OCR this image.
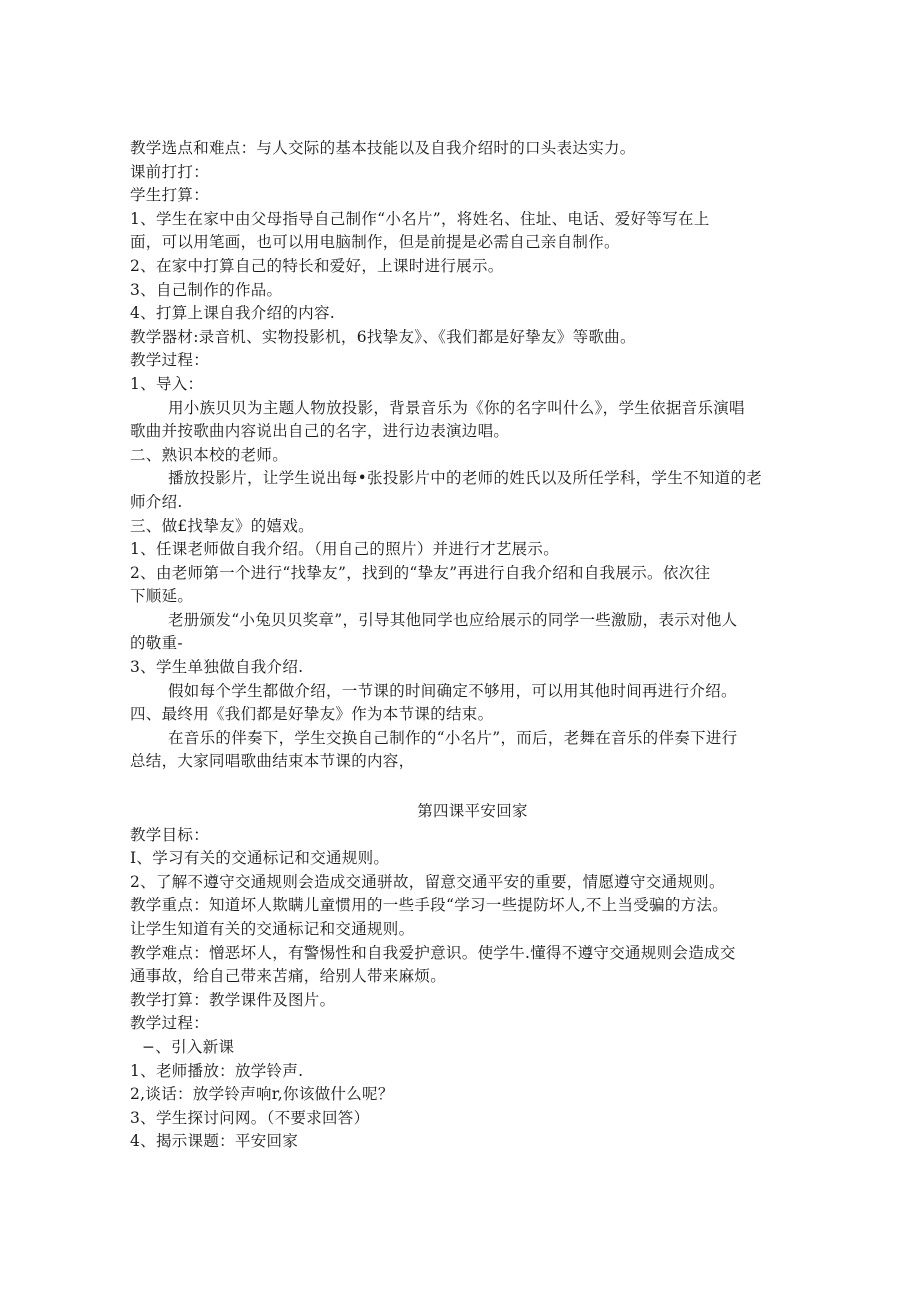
教学选点和难点：与人交际的基本技能以及自我介绍时的口头表达实力。
课前打打：
学生打算：
1、学生在家中由父母指导自己制作“小名片”，将姓名、住址、电话、爱好等写在上
面，可以用笔画，也可以用电脑制作，但是前提是必需自己亲自制作。
2、在家中打算自己的特长和爱好，上课时进行展示。
3、自己制作的作品。
4、打算上课自我介绍的内容.
教学器材:录音机、实物投影机，6找挚友》、《我们都是好挚友》等歌曲。
教学过程：
1、导入：
用小族贝贝为主题人物放投影，背景音乐为《你的名字叫什么》，学生依据音乐演唱
歌曲并按歌曲内容说出自己的名字，进行边表演边唱。
二、熟识本校的老师。
播放投影片，让学生说出每•张投影片中的老师的姓氏以及所任学科，学生不知道的老
师介绍.
三、做£找挚友》的嬉戏。
1、任课老师做自我介绍。（用自己的照片）并进行才艺展示。
2、由老师第一个进行“找挚友”，找到的“挚友”再进行自我介绍和自我展示。依次往
下顺延。
老册颁发“小兔贝贝奖章”，引导其他同学也应给展示的同学一些激励，表示对他人
的敬重-
3、学生单独做自我介绍.
假如每个学生都做介绍，一节课的时间确定不够用，可以用其他时间再进行介绍。
四、最终用《我们都是好挚友》作为本节课的结束。
在音乐的伴奏下，学生交换自己制作的“小名片”，而后，老舞在音乐的伴奏下进行
总结，大家同唱歌曲结束本节课的内容，
第四课平安回家
教学目标：
I、学习有关的交通标记和交通规则。
2、了解不遵守交通规则会造成交通骈故，留意交通平安的重要，情愿遵守交通规则。
教学重点：知道坏人欺瞒儿童惯用的一些手段“学习一些提防坏人,不上当受骗的方法。
让学生知道有关的交通标记和交通规则。
教学难点：憎恶坏人，有警惕性和自我爱护意识。使学牛.懂得不遵守交通规则会造成交
通事故，给自己带来苫痛，给别人带来麻烦。
教学打算：教学课件及图片。
教学过程：
−、引入新课
1、老师播放：放学铃声.
2,谈话：放学铃声响r,你该做什么呢？
3、学生探讨问网。（不要求回答）
4、揭示课题：平安回家
